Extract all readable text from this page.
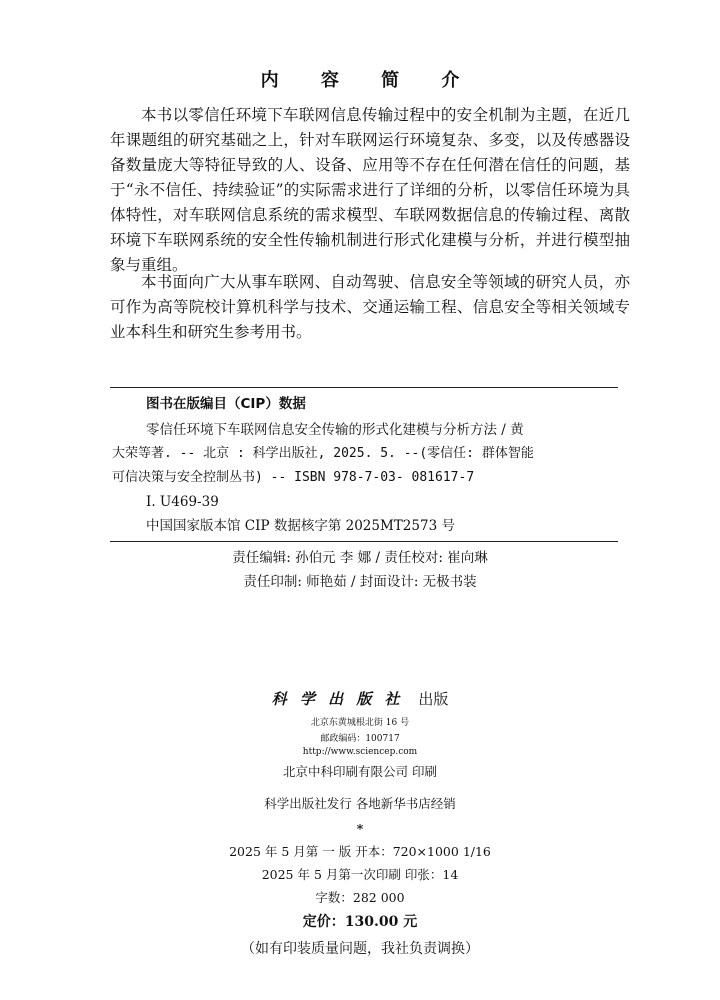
内 容 简 介

本书以零信任环境下车联网信息传输过程中的安全机制为主题，在近几年课题组的研究基础之上，针对车联网运行环境复杂、多变，以及传感器设备数量庞大等特征导致的人、设备、应用等不存在任何潜在信任的问题，基于“永不信任、持续验证”的实际需求进行了详细的分析，以零信任环境为具体特性，对车联网信息系统的需求模型、车联网数据信息的传输过程、离散环境下车联网系统的安全性传输机制进行形式化建模与分析，并进行模型抽象与重组。

本书面向广大从事车联网、自动驾驶、信息安全等领域的研究人员，亦可作为高等院校计算机科学与技术、交通运输工程、信息安全等相关领域专业本科生和研究生参考用书。

图书在版编目（CIP）数据
零信任环境下车联网信息安全传输的形式化建模与分析方法 / 黄
大荣等著. -- 北京 : 科学出版社, 2025. 5. --(零信任: 群体智能
可信决策与安全控制丛书) -- ISBN 978-7-03- 081617-7
Ⅰ. U469-39
中国国家版本馆 CIP 数据核字第 2025MT2573 号
责任编辑: 孙伯元 李 娜 / 责任校对: 崔向琳
责任印制: 师艳茹 / 封面设计: 无极书装
科 学 出 版 社 出版
北京东黄城根北街 16 号
邮政编码：100717
http://www.sciencep.com
北京中科印刷有限公司 印刷
科学出版社发行 各地新华书店经销
*
2025 年 5 月第 一 版 开本：720×1000 1/16
2025 年 5 月第一次印刷 印张：14
字数：282 000
定价：130.00 元
（如有印装质量问题，我社负责调换）
